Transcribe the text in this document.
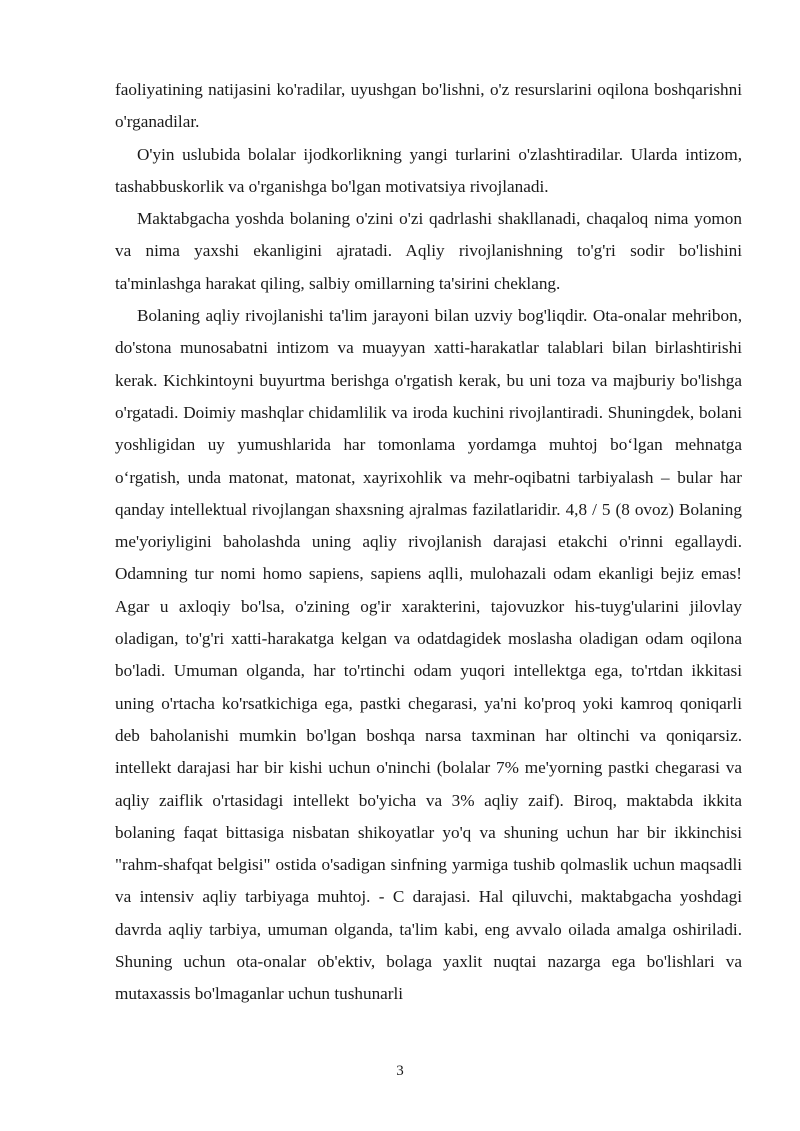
faoliyatining natijasini ko'radilar, uyushgan bo'lishni, o'z resurslarini oqilona boshqarishni o'rganadilar.

O'yin uslubida bolalar ijodkorlikning yangi turlarini o'zlashtiradilar. Ularda intizom, tashabbuskorlik va o'rganishga bo'lgan motivatsiya rivojlanadi.

Maktabgacha yoshda bolaning o'zini o'zi qadrlashi shakllanadi, chaqaloq nima yomon va nima yaxshi ekanligini ajratadi. Aqliy rivojlanishning to'g'ri sodir bo'lishini ta'minlashga harakat qiling, salbiy omillarning ta'sirini cheklang.

Bolaning aqliy rivojlanishi ta'lim jarayoni bilan uzviy bog'liqdir. Ota-onalar mehribon, do'stona munosabatni intizom va muayyan xatti-harakatlar talablari bilan birlashtirishi kerak. Kichkintoyni buyurtma berishga o'rgatish kerak, bu uni toza va majburiy bo'lishga o'rgatadi. Doimiy mashqlar chidamlilik va iroda kuchini rivojlantiradi. Shuningdek, bolani yoshligidan uy yumushlarida har tomonlama yordamga muhtoj bo‘lgan mehnatga o‘rgatish, unda matonat, matonat, xayrixohlik va mehr-oqibatni tarbiyalash – bular har qanday intellektual rivojlangan shaxsning ajralmas fazilatlaridir. 4,8 / 5 (8 ovoz) Bolaning me'yoriyligini baholashda uning aqliy rivojlanish darajasi etakchi o'rinni egallaydi. Odamning tur nomi homo sapiens, sapiens aqlli, mulohazali odam ekanligi bejiz emas! Agar u axloqiy bo'lsa, o'zining og'ir xarakterini, tajovuzkor his-tuyg'ularini jilovlay oladigan, to'g'ri xatti-harakatga kelgan va odatdagidek moslasha oladigan odam oqilona bo'ladi. Umuman olganda, har to'rtinchi odam yuqori intellektga ega, to'rtdan ikkitasi uning o'rtacha ko'rsatkichiga ega, pastki chegarasi, ya'ni ko'proq yoki kamroq qoniqarli deb baholanishi mumkin bo'lgan boshqa narsa taxminan har oltinchi va qoniqarsiz. intellekt darajasi har bir kishi uchun o'ninchi (bolalar 7% me'yorning pastki chegarasi va aqliy zaiflik o'rtasidagi intellekt bo'yicha va 3% aqliy zaif). Biroq, maktabda ikkita bolaning faqat bittasiga nisbatan shikoyatlar yo'q va shuning uchun har bir ikkinchisi "rahm-shafqat belgisi" ostida o'sadigan sinfning yarmiga tushib qolmaslik uchun maqsadli va intensiv aqliy tarbiyaga muhtoj. - C darajasi. Hal qiluvchi, maktabgacha yoshdagi davrda aqliy tarbiya, umuman olganda, ta'lim kabi, eng avvalo oilada amalga oshiriladi. Shuning uchun ota-onalar ob'ektiv, bolaga yaxlit nuqtai nazarga ega bo'lishlari va mutaxassis bo'lmaganlar uchun tushunarli

3
